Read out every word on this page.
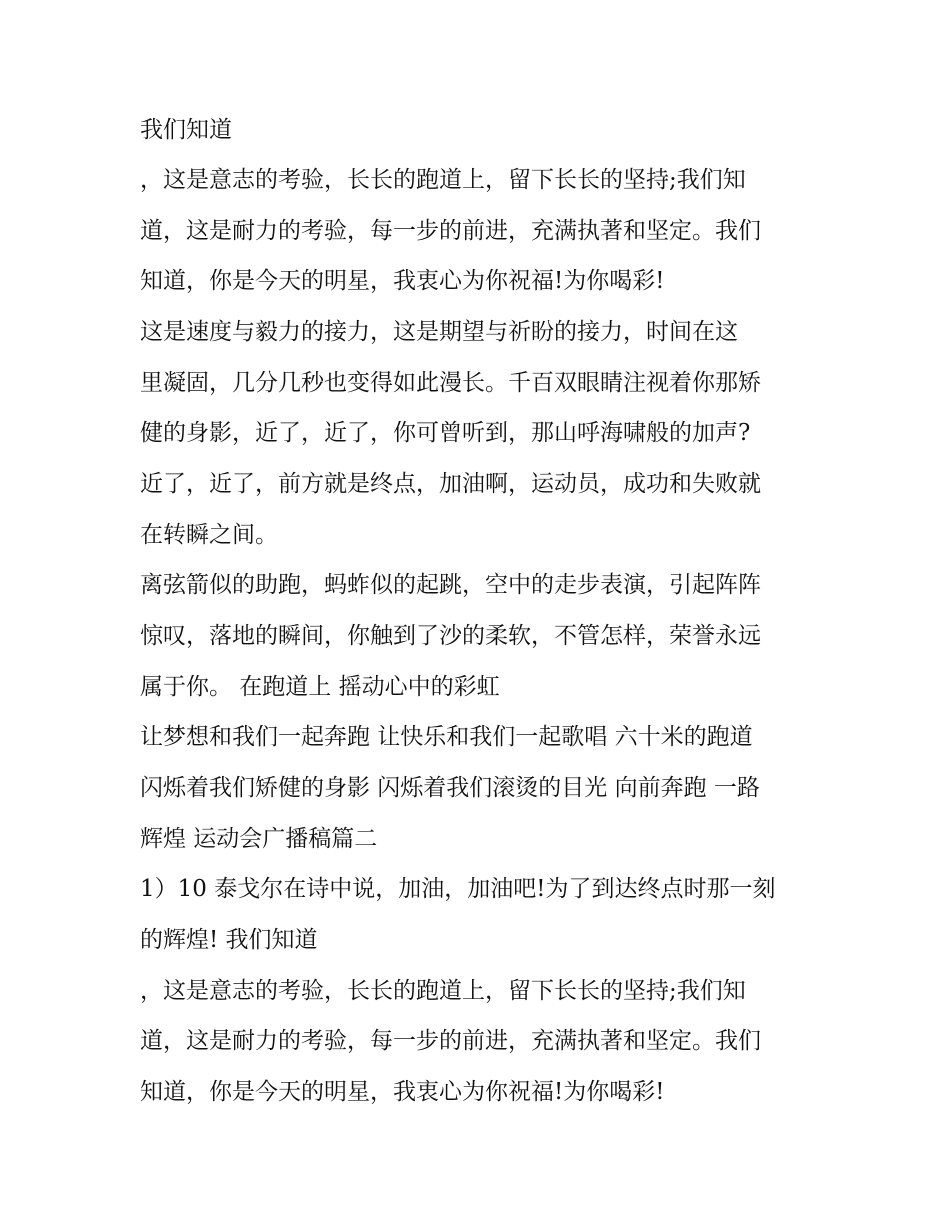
我们知道
，这是意志的考验，长长的跑道上，留下长长的坚持;我们知
道，这是耐力的考验，每一步的前进，充满执著和坚定。我们
知道，你是今天的明星，我衷心为你祝福!为你喝彩!
这是速度与毅力的接力，这是期望与祈盼的接力，时间在这
里凝固，几分几秒也变得如此漫长。千百双眼睛注视着你那矫
健的身影，近了，近了，你可曾听到，那山呼海啸般的加声?
近了，近了，前方就是终点，加油啊，运动员，成功和失败就
在转瞬之间。
离弦箭似的助跑，蚂蚱似的起跳，空中的走步表演，引起阵阵
惊叹，落地的瞬间，你触到了沙的柔软，不管怎样，荣誉永远
属于你。 在跑道上 摇动心中的彩虹
让梦想和我们一起奔跑 让快乐和我们一起歌唱 六十米的跑道
闪烁着我们矫健的身影 闪烁着我们滚烫的目光 向前奔跑 一路
辉煌 运动会广播稿篇二
1）10 泰戈尔在诗中说，加油，加油吧!为了到达终点时那一刻
的辉煌! 我们知道
，这是意志的考验，长长的跑道上，留下长长的坚持;我们知
道，这是耐力的考验，每一步的前进，充满执著和坚定。我们
知道，你是今天的明星，我衷心为你祝福!为你喝彩!
